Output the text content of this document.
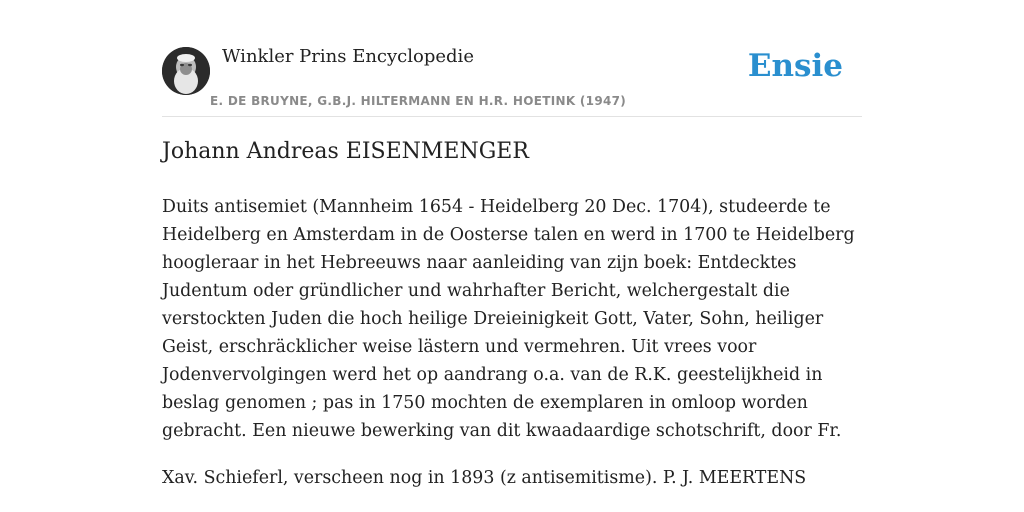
Winkler Prins Encyclopedie
E. DE BRUYNE, G.B.J. HILTERMANN EN H.R. HOETINK (1947)
Ensie
Johann Andreas EISENMENGER

Duits antisemiet (Mannheim 1654 - Heidelberg 20 Dec. 1704), studeerde te Heidelberg en Amsterdam in de Oosterse talen en werd in 1700 te Heidelberg hoogleraar in het Hebreeuws naar aanleiding van zijn boek: Entdecktes Judentum oder gründlicher und wahrhafter Bericht, welchergestalt die verstockten Juden die hoch heilige Dreieinigkeit Gott, Vater, Sohn, heiliger Geist, erschräcklicher weise lästern und vermehren. Uit vrees voor Jodenvervolgingen werd het op aandrang o.a. van de R.K. geestelijkheid in beslag genomen ; pas in 1750 mochten de exemplaren in omloop worden gebracht. Een nieuwe bewerking van dit kwaadaardige schotschrift, door Fr.

Xav. Schieferl, verscheen nog in 1893 (z antisemitisme). P. J. MEERTENS
